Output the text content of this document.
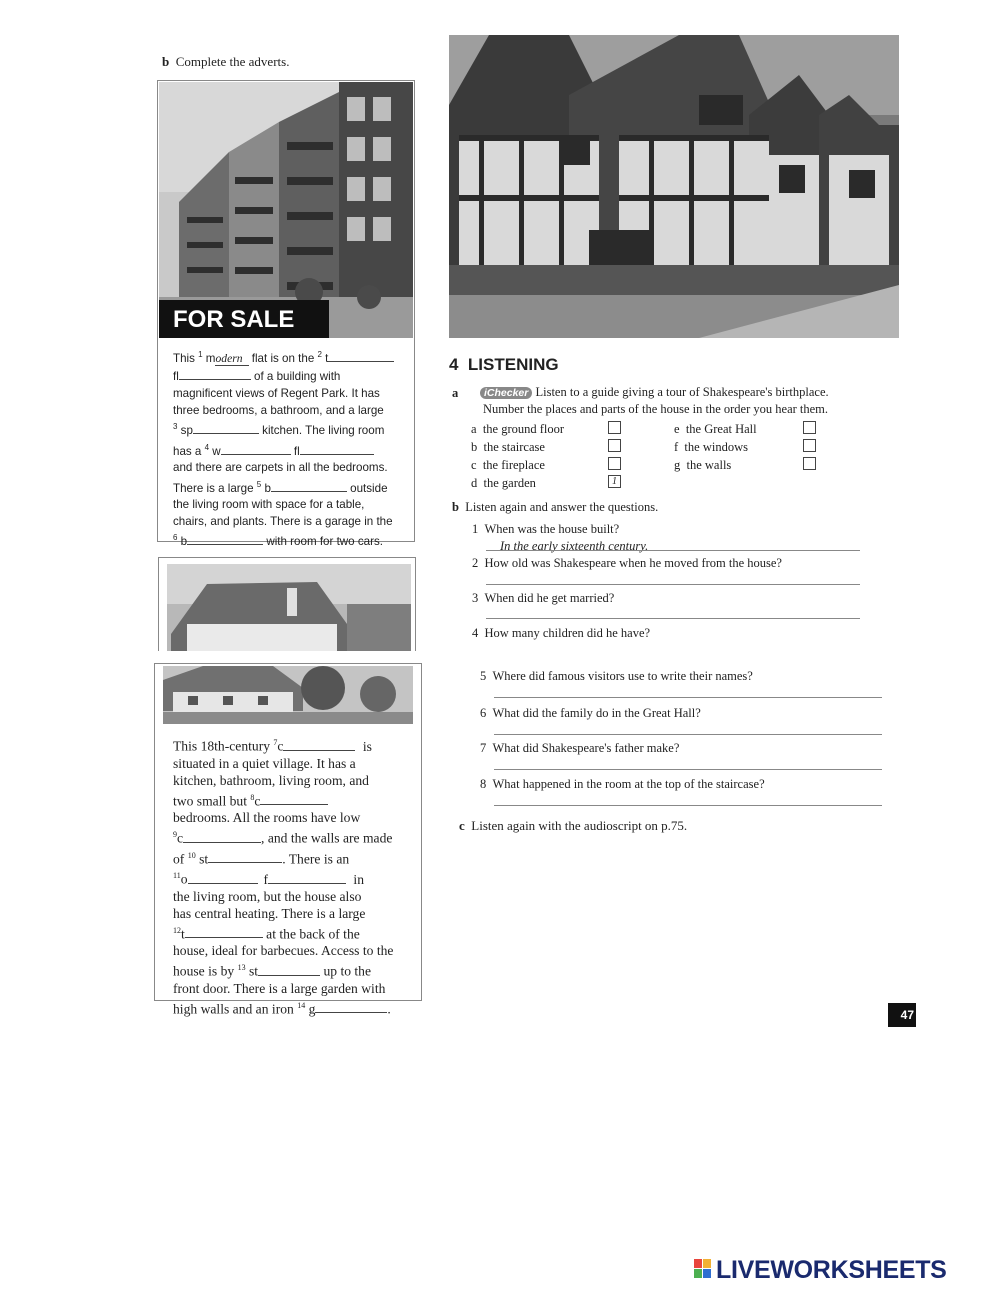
b Complete the adverts.
FOR SALE
This $^1$ modern flat is on the $^2$ t
fl	of a building with
magnificent views of Regent Park. It has
three bedrooms, a bathroom, and a large
$^3$ sp	kitchen. The living room
has a $^4$ w	fl
and there are carpets in all the bedrooms.
There is a large $^5$ b	outside
the living room with space for a table,
chairs, and plants. There is a garage in the
$^6$ b	with room for two cars.
This 18th-century $^7$c	is
situated in a quiet village. It has a
kitchen, bathroom, living room, and
two small but $^8$c
bedrooms. All the rooms have low
$^9$c	, and the walls are made
of $^{10}$ st	. There is an
$^{11}$o	f	in
the living room, but the house also
has central heating. There is a large
$^{12}$t	at the back of the
house, ideal for barbecues. Access to the
house is by $^{13}$ st	up to the
front door. There is a large garden with
high walls and an iron $^{14}$ g	.
4 LISTENING
a	iChecker Listen to a guide giving a tour of Shakespeare's birthplace.
Number the places and parts of the house in the order you hear them.
a the ground floor
b the staircase
c the fireplace
d the garden	1
e the Great Hall
f the windows
g the walls
b Listen again and answer the questions.
1 When was the house built?
In the early sixteenth century.
2 How old was Shakespeare when he moved from the house?
3 When did he get married?
4 How many children did he have?
5 Where did famous visitors use to write their names?
6 What did the family do in the Great Hall?
7 What did Shakespeare's father make?
8 What happened in the room at the top of the staircase?
c Listen again with the audioscript on p.75.
47
LIVEWORKSHEETS
